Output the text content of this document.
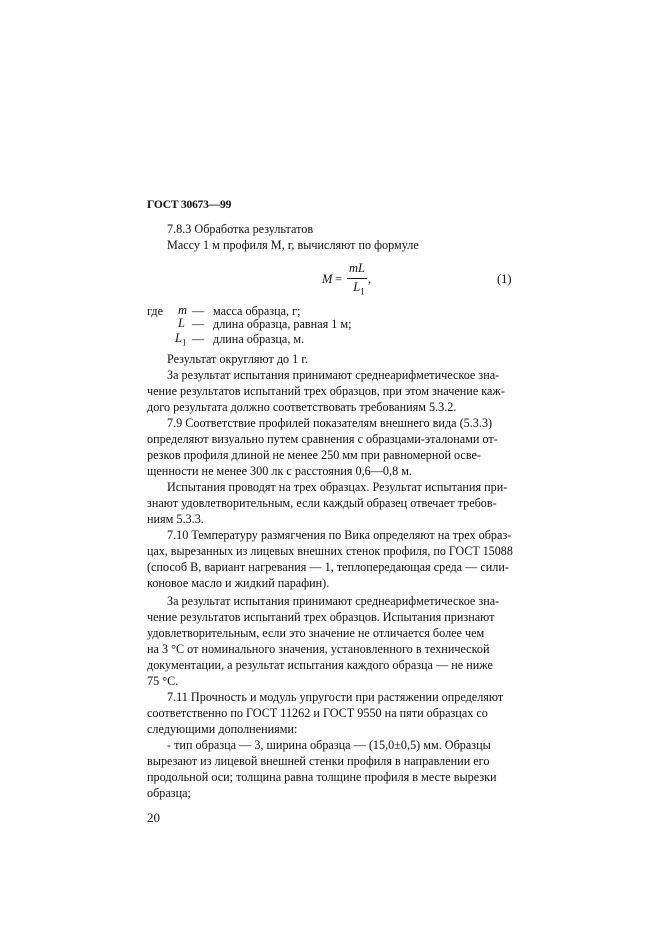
ГОСТ 30673—99
7.8.3 Обработка результатов
Массу 1 м профиля М, г, вычисляют по формуле
M =
mL
$L_1$
,	(1)
где m — масса образца, г;
L — длина образца, равная 1 м;
$L_1$ — длина образца, м.
Результат округляют до 1 г.
За результат испытания принимают среднеарифметическое зна-
чение результатов испытаний трех образцов, при этом значение каж-
дого результата должно соответствовать требованиям 5.3.2.
7.9 Соответствие профилей показателям внешнего вида (5.3.3)
определяют визуально путем сравнения с образцами-эталонами от-
резков профиля длиной не менее 250 мм при равномерной осве-
щенности не менее 300 лк с расстояния 0,6—0,8 м.
Испытания проводят на трех образцах. Результат испытания при-
знают удовлетворительным, если каждый образец отвечает требов-
ниям 5.3.3.
7.10 Температуру размягчения по Вика определяют на трех образ-
цах, вырезанных из лицевых внешних стенок профиля, по ГОСТ 15088
(способ В, вариант нагревания — 1, теплопередающая среда — сили-
коновое масло и жидкий парафин).
За результат испытания принимают среднеарифметическое зна-
чение результатов испытаний трех образцов. Испытания признают
удовлетворительным, если это значение не отличается более чем
на 3 °С от номинального значения, установленного в технической
документации, а результат испытания каждого образца — не ниже
75 °С.
7.11 Прочность и модуль упругости при растяжении определяют
соответственно по ГОСТ 11262 и ГОСТ 9550 на пяти образцах со
следующими дополнениями:
- тип образца — 3, ширина образца — (15,0±0,5) мм. Образцы
вырезают из лицевой внешней стенки профиля в направлении его
продольной оси; толщина равна толщине профиля в месте вырезки
образца;
20
